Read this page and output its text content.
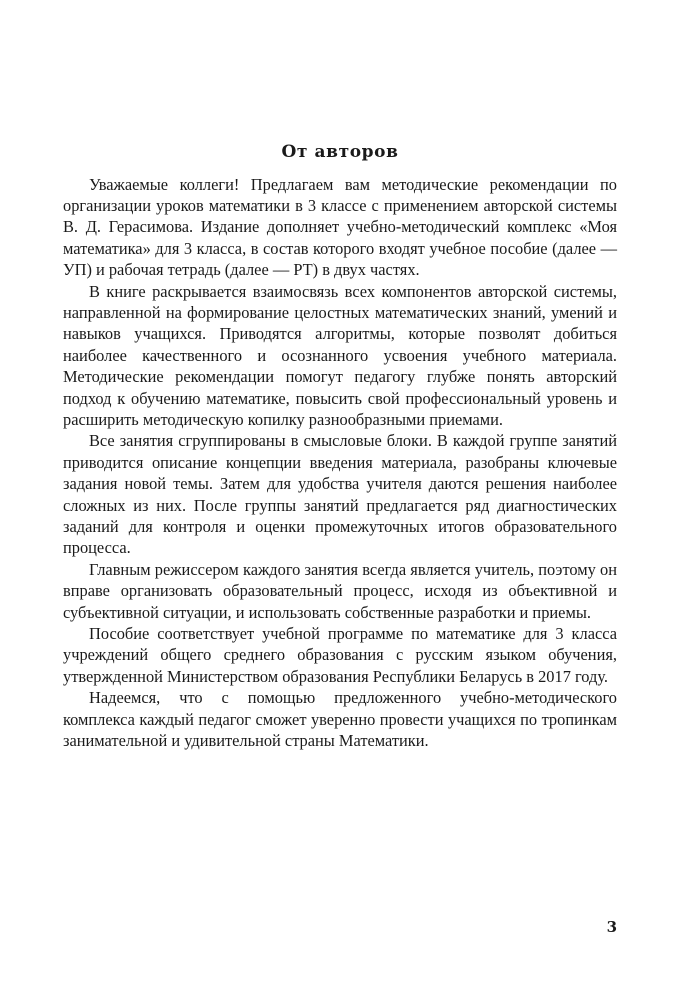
От авторов

Уважаемые коллеги! Предлагаем вам методические рекомендации по организации уроков математики в 3 классе с применением авторской системы В. Д. Герасимова. Издание дополняет учебно-методический комплекс «Моя математика» для 3 класса, в состав которого входят учебное пособие (далее — УП) и рабочая тетрадь (далее — РТ) в двух частях.

В книге раскрывается взаимосвязь всех компонентов авторской системы, направленной на формирование целостных математических знаний, умений и навыков учащихся. Приводятся алгоритмы, которые позволят добиться наиболее качественного и осознанного усвоения учебного материала. Методические рекомендации помогут педагогу глубже понять авторский подход к обучению математике, повысить свой профессиональный уровень и расширить методическую копилку разнообразными приемами.

Все занятия сгруппированы в смысловые блоки. В каждой группе занятий приводится описание концепции введения материала, разобраны ключевые задания новой темы. Затем для удобства учителя даются решения наиболее сложных из них. После группы занятий предлагается ряд диагностических заданий для контроля и оценки промежуточных итогов образовательного процесса.

Главным режиссером каждого занятия всегда является учитель, поэтому он вправе организовать образовательный процесс, исходя из объективной и субъективной ситуации, и использовать собственные разработки и приемы.

Пособие соответствует учебной программе по математике для 3 класса учреждений общего среднего образования с русским языком обучения, утвержденной Министерством образования Республики Беларусь в 2017 году.

Надеемся, что с помощью предложенного учебно-методического комплекса каждый педагог сможет уверенно провести учащихся по тропинкам занимательной и удивительной страны Математики.

3
